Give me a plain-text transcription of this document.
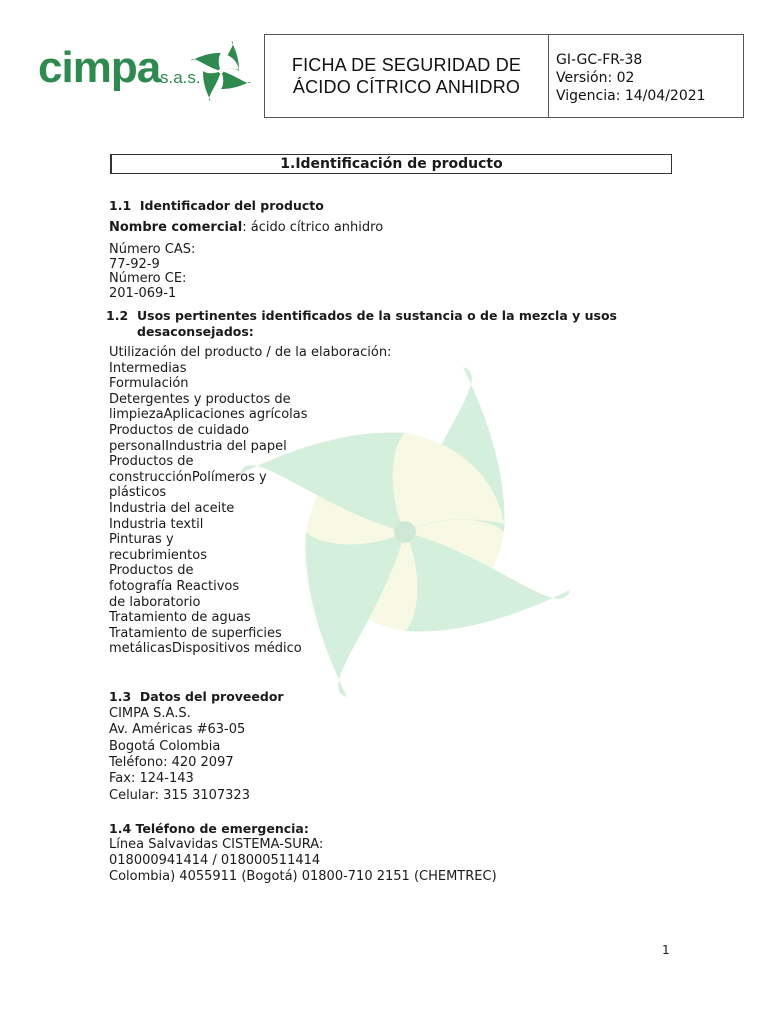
cimpa s.a.s.
FICHA DE SEGURIDAD DE
ÁCIDO CÍTRICO ANHIDRO
GI-GC-FR-38
Versión: 02
Vigencia: 14/04/2021
1.Identificación de producto
1.1  Identificador del producto
Nombre comercial: ácido cítrico anhidro
Número CAS:
77-92-9
Número CE:
201-069-1
1.2 Usos pertinentes identificados de la sustancia o de la mezcla y usos
desaconsejados:
Utilización del producto / de la elaboración:
Intermedias
Formulación
Detergentes y productos de
limpiezaAplicaciones agrícolas
Productos de cuidado
personalIndustria del papel
Productos de
construcciónPolímeros y
plásticos
Industria del aceite
Industria textil
Pinturas y
recubrimientos
Productos de
fotografía Reactivos
de laboratorio
Tratamiento de aguas
Tratamiento de superficies
metálicasDispositivos médico
1.3  Datos del proveedor
CIMPA S.A.S.
Av. Américas #63-05
Bogotá Colombia
Teléfono: 420 2097
Fax: 124-143
Celular: 315 3107323
1.4 Teléfono de emergencia:
Línea Salvavidas CISTEMA-SURA:
018000941414 / 018000511414
Colombia) 4055911 (Bogotá) 01800-710 2151 (CHEMTREC)
1
